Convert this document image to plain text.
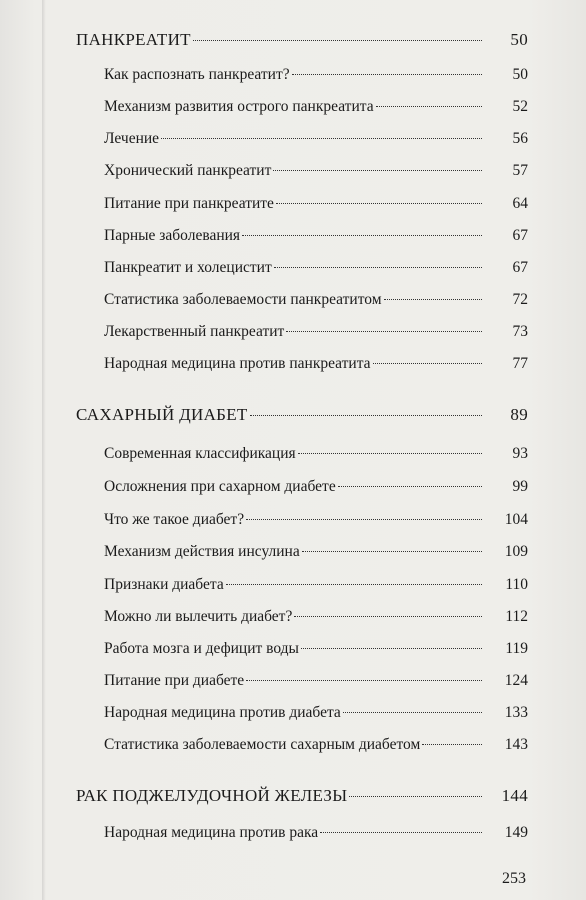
ПАНКРЕАТИТ	50
Как распознать панкреатит?	50
Механизм развития острого панкреатита	52
Лечение	56
Хронический панкреатит	57
Питание при панкреатите	64
Парные заболевания	67
Панкреатит и холецистит	67
Статистика заболеваемости панкреатитом	72
Лекарственный панкреатит	73
Народная медицина против панкреатита	77
САХАРНЫЙ ДИАБЕТ	89
Современная классификация	93
Осложнения при сахарном диабете	99
Что же такое диабет?	104
Механизм действия инсулина	109
Признаки диабета	110
Можно ли вылечить диабет?	112
Работа мозга и дефицит воды	119
Питание при диабете	124
Народная медицина против диабета	133
Статистика заболеваемости сахарным диабетом	143
РАК ПОДЖЕЛУДОЧНОЙ ЖЕЛЕЗЫ	144
Народная медицина против рака	149
253
